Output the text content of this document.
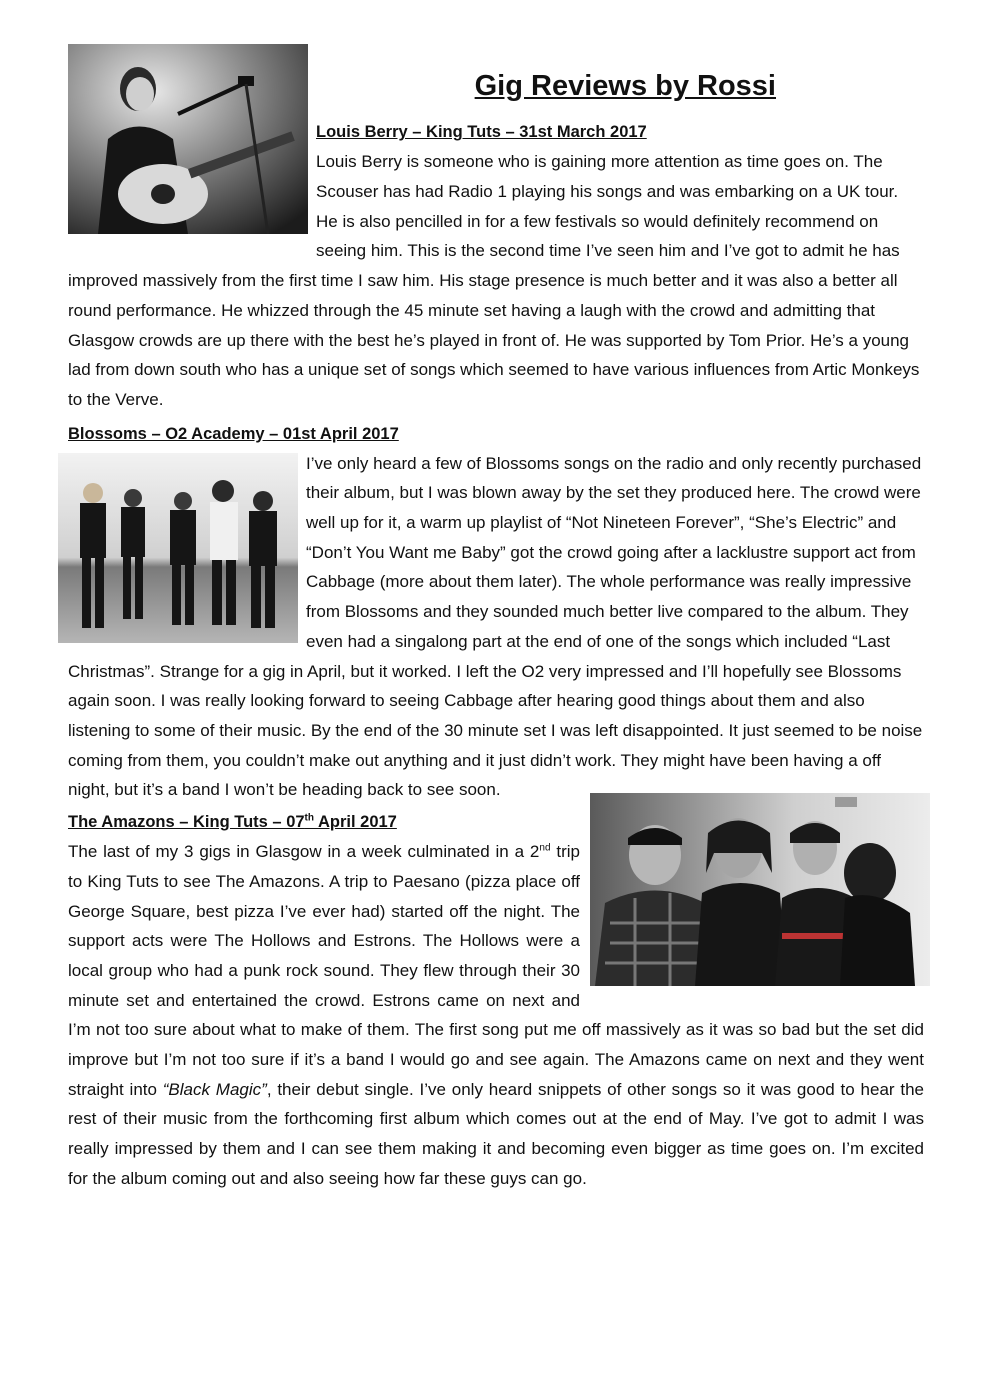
Gig Reviews by Rossi

Louis Berry – King Tuts – 31st March 2017

Louis Berry is someone who is gaining more attention as time goes on. The Scouser has had Radio 1 playing his songs and was embarking on a UK tour. He is also pencilled in for a few festivals so would definitely recommend on seeing him. This is the second time I’ve seen him and I’ve got to admit he has improved massively from the first time I saw him. His stage presence is much better and it was also a better all round performance. He whizzed through the 45 minute set having a laugh with the crowd and admitting that Glasgow crowds are up there with the best he’s played in front of. He was supported by Tom Prior. He’s a young lad from down south who has a unique set of songs which seemed to have various influences from Artic Monkeys to the Verve.

Blossoms – O2 Academy – 01st April 2017

I’ve only heard a few of Blossoms songs on the radio and only recently purchased their album, but I was blown away by the set they produced here. The crowd were well up for it, a warm up playlist of “Not Nineteen Forever”, “She’s Electric” and “Don’t You Want me Baby” got the crowd going after a lacklustre support act from Cabbage (more about them later). The whole performance was really impressive from Blossoms and they sounded much better live compared to the album. They even had a singalong part at the end of one of the songs which included “Last Christmas”. Strange for a gig in April, but it worked. I left the O2 very impressed and I’ll hopefully see Blossoms again soon. I was really looking forward to seeing Cabbage after hearing good things about them and also listening to some of their music. By the end of the 30 minute set I was left disappointed. It just seemed to be noise coming from them, you couldn’t make out anything and it just didn’t work. They might have been having a off night, but it’s a band I won’t be heading back to see soon.

The Amazons – King Tuts – 07th April 2017

The last of my 3 gigs in Glasgow in a week culminated in a 2nd trip to King Tuts to see The Amazons. A trip to Paesano (pizza place off George Square, best pizza I’ve ever had) started off the night. The support acts were The Hollows and Estrons. The Hollows were a local group who had a punk rock sound. They flew through their 30 minute set and entertained the crowd. Estrons came on next and I’m not too sure about what to make of them. The first song put me off massively as it was so bad but the set did improve but I’m not too sure if it’s a band I would go and see again. The Amazons came on next and they went straight into “Black Magic”, their debut single. I’ve only heard snippets of other songs so it was good to hear the rest of their music from the forthcoming first album which comes out at the end of May. I’ve got to admit I was really impressed by them and I can see them making it and becoming even bigger as time goes on. I’m excited for the album coming out and also seeing how far these guys can go.
